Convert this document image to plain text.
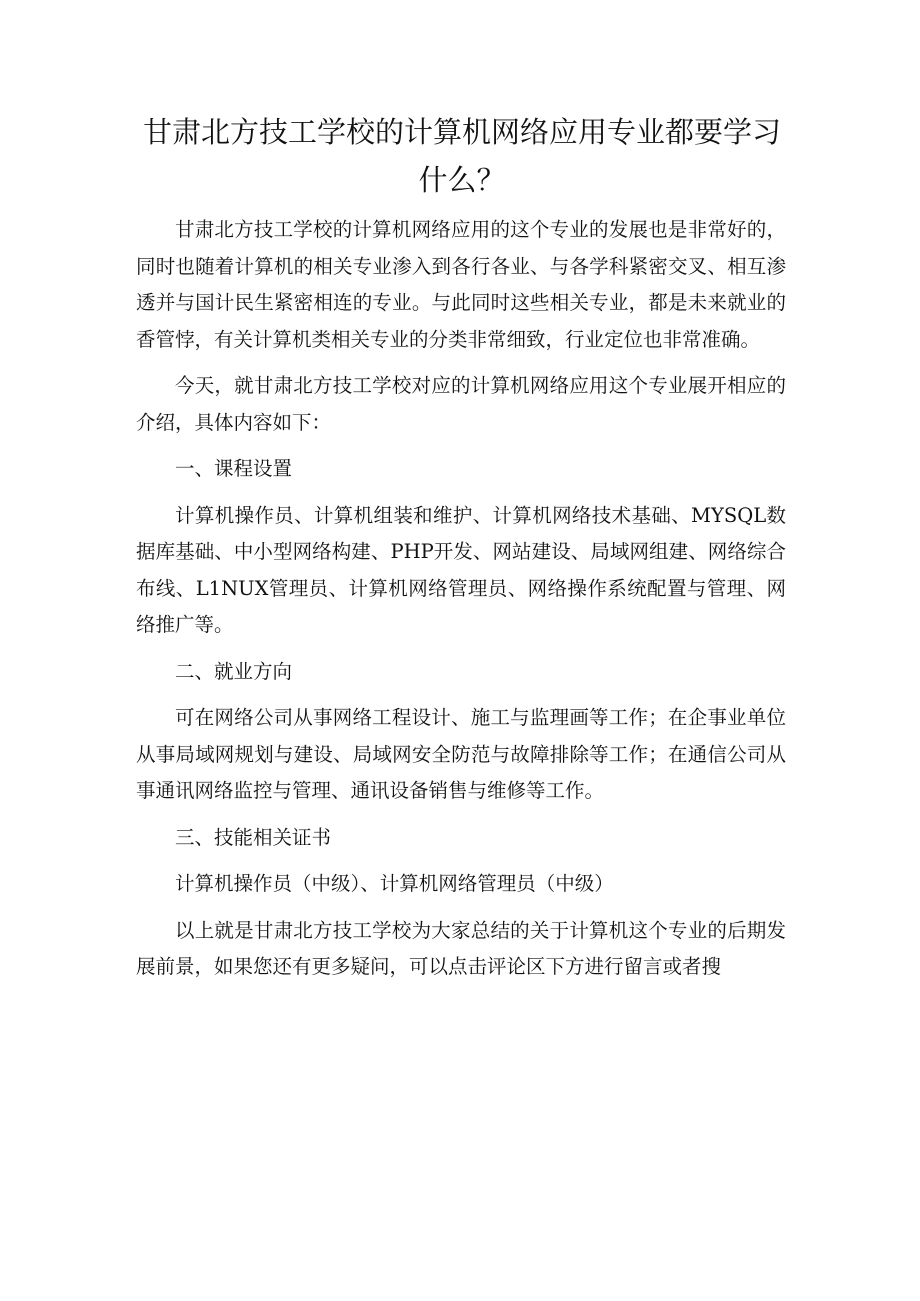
甘肃北方技工学校的计算机网络应用专业都要学习什么？

甘肃北方技工学校的计算机网络应用的这个专业的发展也是非常好的，同时也随着计算机的相关专业渗入到各行各业、与各学科紧密交叉、相互渗透并与国计民生紧密相连的专业。与此同时这些相关专业，都是未来就业的香管悖，有关计算机类相关专业的分类非常细致，行业定位也非常准确。

今天，就甘肃北方技工学校对应的计算机网络应用这个专业展开相应的介绍，具体内容如下：

一、课程设置

计算机操作员、计算机组装和维护、计算机网络技术基础、MYSQL数据库基础、中小型网络构建、PHP开发、网站建设、局域网组建、网络综合布线、L1NUX管理员、计算机网络管理员、网络操作系统配置与管理、网络推广等。

二、就业方向

可在网络公司从事网络工程设计、施工与监理画等工作；在企事业单位从事局域网规划与建设、局域网安全防范与故障排除等工作；在通信公司从事通讯网络监控与管理、通讯设备销售与维修等工作。

三、技能相关证书

计算机操作员（中级）、计算机网络管理员（中级）

以上就是甘肃北方技工学校为大家总结的关于计算机这个专业的后期发展前景，如果您还有更多疑问，可以点击评论区下方进行留言或者搜
